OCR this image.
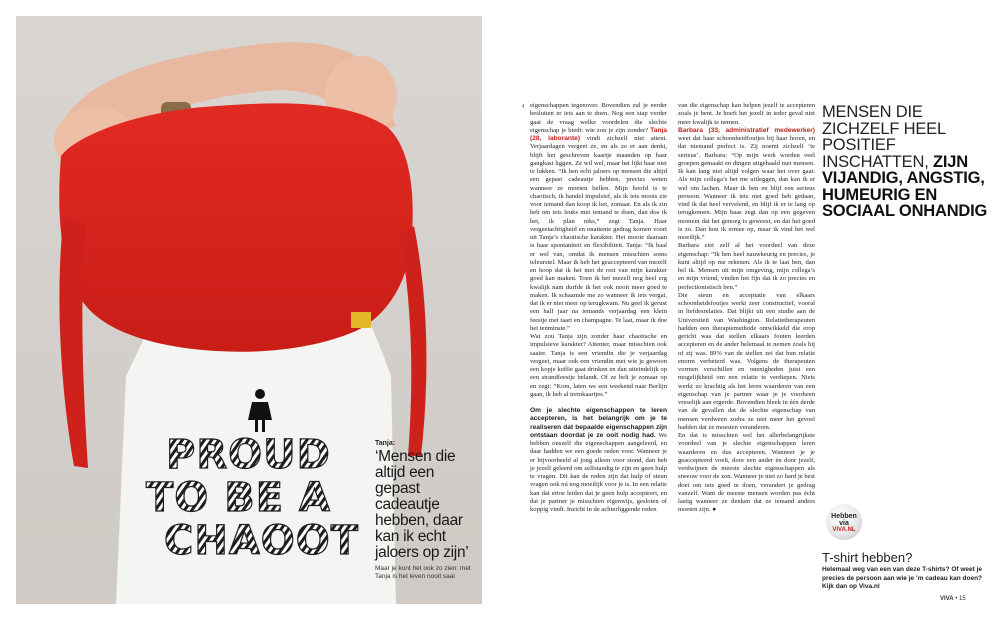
PROUD
TO BE A
CHAOOT
Tanja:
‘Mensen die altijd een gepast cadeautje hebben, daar kan ik echt jaloers op zijn’
Maar je kunt het ook zo zien: met Tanja is het leven nooit saai
‹ eigenschappen tegenover. Bovendien zul je eerder besluiten er iets aan te doen. Nog een stap verder gaat de vraag welke voordelen die slechte eigenschap je biedt: wie zou je zijn zonder? Tanja (28, laborante) vindt zichzelf niet attent. Verjaardagen vergeet ze, en als ze er aan denkt, blijft het geschreven kaartje maanden op haar gangkast liggen. Ze wil wel, maar het lijkt haar niet te lukken. “Ik ben echt jaloers op mensen die altijd een gepast cadeautje hebben, precies weten wanneer ze moeten bellen. Mijn hoofd is te chaotisch, ik handel impulsief, als ik iets moois zie voor iemand dan koop ik het, zomaar. En als ik zin heb om iets leuks met iemand te doen, dan doe ik het, ik plan niks,” zegt Tanja. Haar vergeetachtigheid en onattente gedrag komen voort uit Tanja’s chaotische karakter. Het mooie daaraan is haar spontaniteit en flexibiliteit. Tanja: “Ik baal er wel van, omdat ik mensen misschien soms teleurstel. Maar ik heb het geaccepteerd van mezelf en hoop dat ik het met de rest van mijn karakter goed kan maken. Toen ik het mezelf nog heel erg kwalijk nam durfde ik het ook nooit meer goed te maken. Ik schaamde me zo wanneer ik iets vergat, dat ik er niet meer op terugkwam. Nu geef ik gerust een half jaar na iemands verjaardag een klein feestje met taart en champagne. Te laat, maar ik doe het tenminste.”

Wat zou Tanja zijn zonder haar chaotische en impulsieve karakter? Attenter, maar misschien ook saaier. Tanja is een vriendin die je verjaardag vergeet, maar ook een vriendin met wie je gewoon een kopje koffie gaat drinken en dan uiteindelijk op een strandfeestje belandt. Of ze belt je zomaar op en zegt: “Kom, laten we een weekend naar Berlijn gaan, ik heb al treinkaartjes.”

Om je slechte eigenschappen te leren accepteren, is het belangrijk om je te realiseren dat bepaalde eigenschappen zijn ontstaan doordat je ze ooit nodig had. We hebben onszelf die eigenschappen aangeleerd, en daar hadden we een goede reden voor. Wanneer je er bijvoorbeeld al jong alleen voor stond, dan heb je jezelf geleerd om zelfstandig te zijn en geen hulp te vragen. Dit kan de reden zijn dat hulp of steun vragen ook nú nog moeilijk voor je is. In een relatie kan dat ertoe leiden dat je geen hulp accepteert, en dat je partner je misschien eigenwijs, gesloten of koppig vindt. Inzicht in de achterliggende reden

van die eigenschap kan helpen jezelf te accepteren zoals je bent. Je hoeft het jezelf in ieder geval niet meer kwalijk te nemen.

Barbara (33, administratief medewerker) weet dat haar schoonheidfoutjes bij haar horen, en dat niemand perfect is. Zij noemt zichzelf ‘te serieus’. Barbara: “Op mijn werk worden veel groepen gemaakt en dingen uitgehaald met mensen. Ik kan lang niet altijd volgen waar het over gaat. Als mijn collega’s het me uitleggen, dan kan ik er wel om lachen. Maar ik ben en blijf een serieus persoon. Wanneer ik iets niet goed heb gedaan, vind ik dat heel vervelend, en blijf ik er te lang op terugkomen. Mijn baas zegt dan op een gegeven moment dat het genoeg is geweest, en dat het goed is zo. Dan hou ik ermee op, maar ik vind het wel moeilijk.”

Barbara ziet zelf al het voordeel van deze eigenschap: “Ik ben heel nauwkeurig en precies, je kunt altijd op me rekenen. Als ik te laat ben, dan bel ik. Mensen uit mijn omgeving, mijn collega’s en mijn vriend, vinden het fijn dat ik zo precies en perfectionistisch ben.”

Die steun en acceptatie van elkaars schoonheidsfoutjes werkt zeer constructief, vooral in liefdesrelaties. Dat blijkt uit een studie aan de Universiteit van Washington. Relatietherapeuten hadden een therapiemethode ontwikkeld die erop gericht was dat stellen elkaars fouten leerden accepteren en de ander helemaal te nemen zoals hij of zij was. 89% van de stellen zei dat hun relatie enorm verbeterd was. Volgens de therapeuten vormen verschillen en onenigheden juist een mogelijkheid om een relatie te verdiepen. Niets werkt zo krachtig als het leren waarderen van een eigenschap van je partner waar je je voorheen vreselijk aan ergerde. Bovendien bleek in één derde van de gevallen dat de slechte eigenschap van mensen verdween zodra ze niet meer het gevoel hadden dat ze moesten veranderen.

En dat is misschien wel het allerbelangrijkste voordeel van je slechte eigenschappen leren waarderen en dus accepteren. Wanneer je je geaccepteerd voelt, door een ander én door jezelf, verdwijnen de meeste slechte eigenschappen als sneeuw voor de zon. Wanneer je niet zo hard je best doet om iets goed te doen, verandert je gedrag vanzelf. Want de meeste mensen worden pas écht lastig wanneer ze denken dat ze iemand anders moeten zijn. ●

MENSEN DIE ZICHZELF HEEL POSITIEF INSCHATTEN, ZIJN VIJANDIG, ANGSTIG, HUMEURIG EN SOCIAAL ONHANDIG
Hebben
via
VIVA.NL
T-shirt hebben?
Helemaal weg van een van deze T-shirts? Of weet je precies de persoon aan wie je ’m cadeau kan doen? Kijk dan op Viva.nl
VIVA • 15
